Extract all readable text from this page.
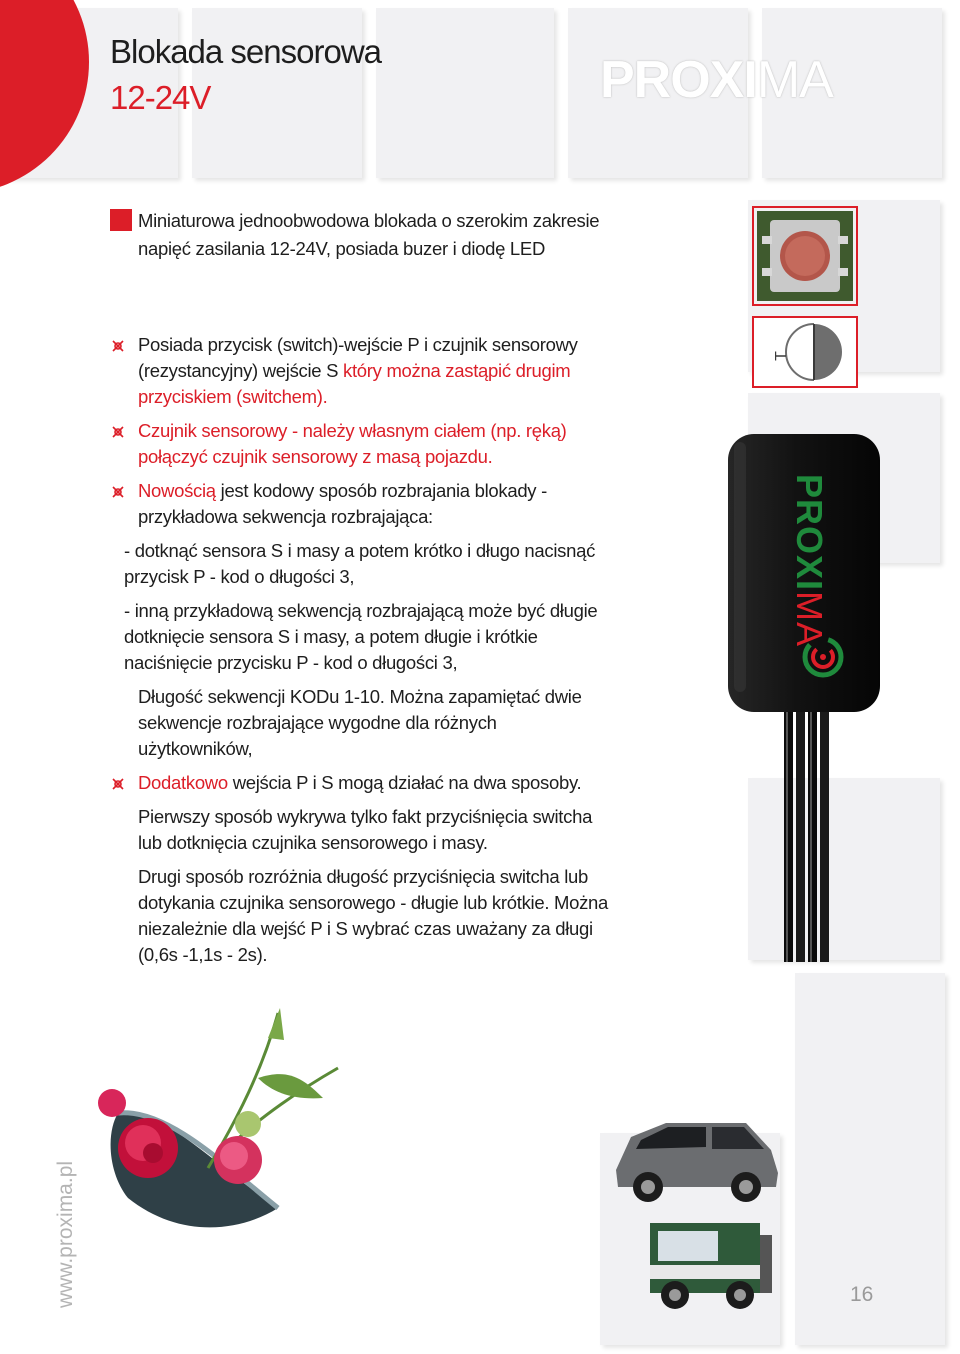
Blokada sensorowa
12-24V	PROXIMA
Miniaturowa jednoobwodowa blokada o szerokim zakresie napięć zasilania 12-24V, posiada buzer i diodę LED

Posiada przycisk (switch)-wejście P i czujnik sensorowy (rezystancyjny) wejście S który można zastąpić drugim przyciskiem (switchem).

Czujnik sensorowy - należy własnym ciałem (np. ręką) połączyć czujnik sensorowy z masą pojazdu.

Nowością jest kodowy sposób rozbrajania blokady - przykładowa sekwencja rozbrajająca:

- dotknąć sensora S i masy a potem krótko i długo nacisnąć przycisk P - kod o długości 3,

- inną przykładową sekwencją rozbrajającą może być długie dotknięcie sensora S i masy, a potem długie i krótkie naciśnięcie przycisku P - kod o długości 3,

Długość sekwencji KODu 1-10. Można zapamiętać dwie sekwencje rozbrajające wygodne dla różnych użytkowników,

Dodatkowo wejścia P i S mogą działać na dwa sposoby.

Pierwszy sposób wykrywa tylko fakt przyciśnięcia switcha lub dotknięcia czujnika sensorowego i masy.
Drugi sposób rozróżnia długość przyciśnięcia switcha lub dotykania czujnika sensorowego - długie lub krótkie. Można niezależnie dla wejść P i S wybrać czas uważany za długi (0,6s -1,1s - 2s).
T
PROXIMA
www.proxima.pl	16
